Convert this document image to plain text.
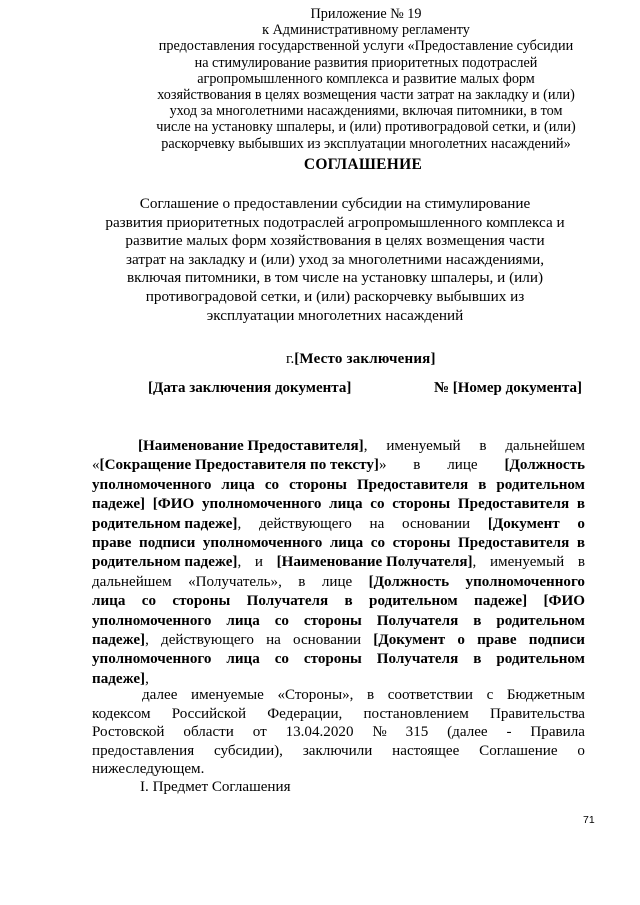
Приложение № 19
к Административному регламенту
предоставления государственной услуги «Предоставление субсидии
на стимулирование развития приоритетных подотраслей
агропромышленного комплекса и развитие малых форм
хозяйствования в целях возмещения части затрат на закладку и (или)
уход за многолетними насаждениями, включая питомники, в том
числе на установку шпалеры, и (или) противоградовой сетки, и (или)
раскорчевку выбывших из эксплуатации многолетних насаждений»
СОГЛАШЕНИЕ
Соглашение о предоставлении субсидии на стимулирование
развития приоритетных подотраслей агропромышленного комплекса и
развитие малых форм хозяйствования в целях возмещения части
затрат на закладку и (или) уход за многолетними насаждениями,
включая питомники, в том числе на установку шпалеры, и (или)
противоградовой сетки, и (или) раскорчевку выбывших из
эксплуатации многолетних насаждений
г.[Место заключения]
[Дата заключения документа]	№ [Номер документа]
[Наименование Предоставителя], именуемый в дальнейшем
«[Сокращение Предоставителя по тексту]» в лице [Должность
уполномоченного лица со стороны Предоставителя в родительном
падеже] [ФИО уполномоченного лица со стороны Предоставителя в
родительном падеже], действующего на основании [Документ о
праве подписи уполномоченного лица со стороны Предоставителя в
родительном падеже], и [Наименование Получателя], именуемый в
дальнейшем «Получатель», в лице [Должность уполномоченного
лица со стороны Получателя в родительном падеже] [ФИО
уполномоченного лица со стороны Получателя в родительном
падеже], действующего на основании [Документ о праве подписи
уполномоченного лица со стороны Получателя в родительном
падеже],
далее именуемые «Стороны», в соответствии с Бюджетным
кодексом Российской Федерации, постановлением Правительства
Ростовской области от 13.04.2020 № 315 (далее - Правила
предоставления субсидии), заключили настоящее Соглашение о
нижеследующем.
I. Предмет Соглашения
71
